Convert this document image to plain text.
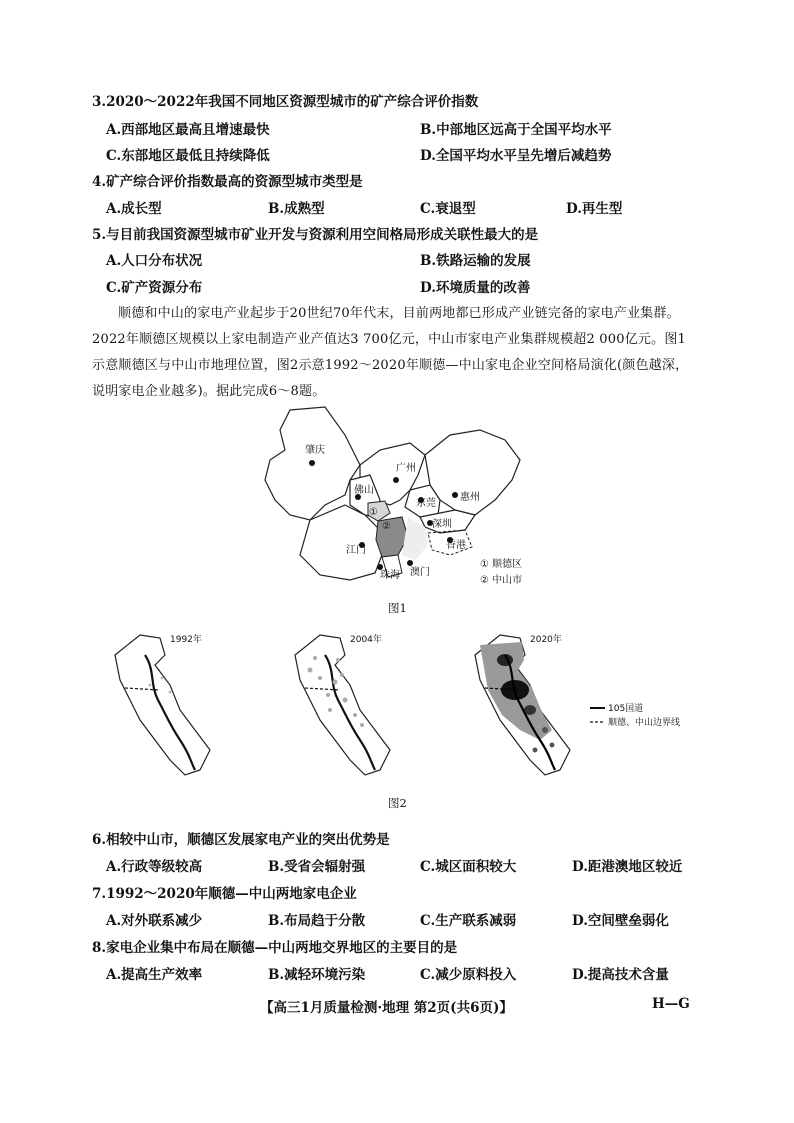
3.2020～2022年我国不同地区资源型城市的矿产综合评价指数
A.西部地区最高且增速最快	B.中部地区远高于全国平均水平
C.东部地区最低且持续降低	D.全国平均水平呈先增后减趋势
4.矿产综合评价指数最高的资源型城市类型是
A.成长型	B.成熟型	C.衰退型	D.再生型
5.与目前我国资源型城市矿业开发与资源利用空间格局形成关联性最大的是
A.人口分布状况	B.铁路运输的发展
C.矿产资源分布	D.环境质量的改善
顺德和中山的家电产业起步于20世纪70年代末，目前两地都已形成产业链完备的家电产业集群。
2022年顺德区规模以上家电制造产业产值达3 700亿元，中山市家电产业集群规模超2 000亿元。图1
示意顺德区与中山市地理位置，图2示意1992～2020年顺德—中山家电企业空间格局演化(颜色越深，
说明家电企业越多)。据此完成6～8题。
肇庆
广州
佛山
东莞
惠州
深圳
江门	香港
澳门
珠海
①
②
① 顺德区
② 中山市
图1
1992年	2004年	2020年
105国道
顺德、中山边界线
图2
6.相较中山市，顺德区发展家电产业的突出优势是
A.行政等级较高	B.受省会辐射强	C.城区面积较大	D.距港澳地区较近
7.1992～2020年顺德—中山两地家电企业
A.对外联系减少	B.布局趋于分散	C.生产联系减弱	D.空间壁垒弱化
8.家电企业集中布局在顺德—中山两地交界地区的主要目的是
A.提高生产效率	B.减轻环境污染	C.减少原料投入	D.提高技术含量
【高三1月质量检测·地理 第2页(共6页)】	H—G
